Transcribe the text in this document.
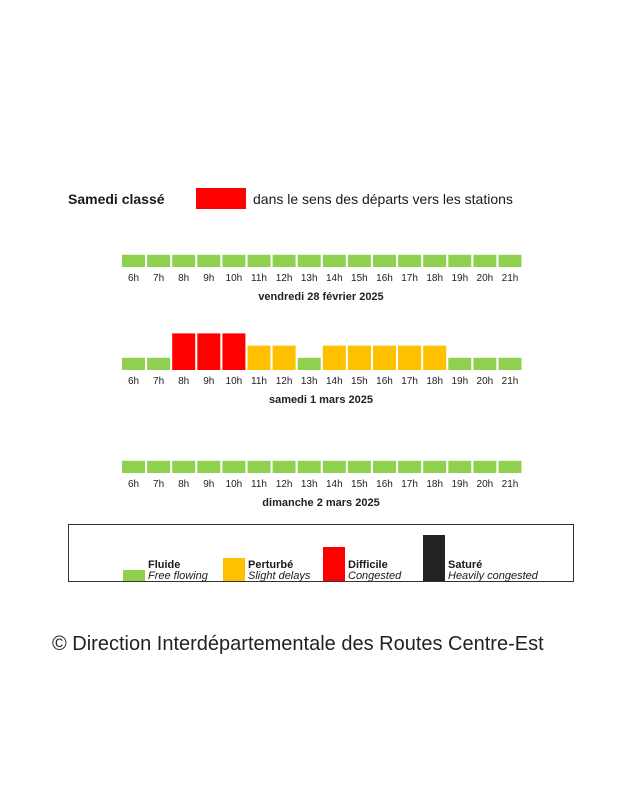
Samedi classé	dans le sens des départs vers les stations
6h 7h 8h 9h 10h 11h 12h 13h 14h 15h 16h 17h 18h 19h 20h 21h
vendredi 28 février 2025
6h 7h 8h 9h 10h 11h 12h 13h 14h 15h 16h 17h 18h 19h 20h 21h
samedi 1 mars 2025
6h 7h 8h 9h 10h 11h 12h 13h 14h 15h 16h 17h 18h 19h 20h 21h
dimanche 2 mars 2025
Fluide
Free flowing
Perturbé
Slight delays
Difficile
Congested
Saturé
Heavily congested
© Direction Interdépartementale des Routes Centre-Est
